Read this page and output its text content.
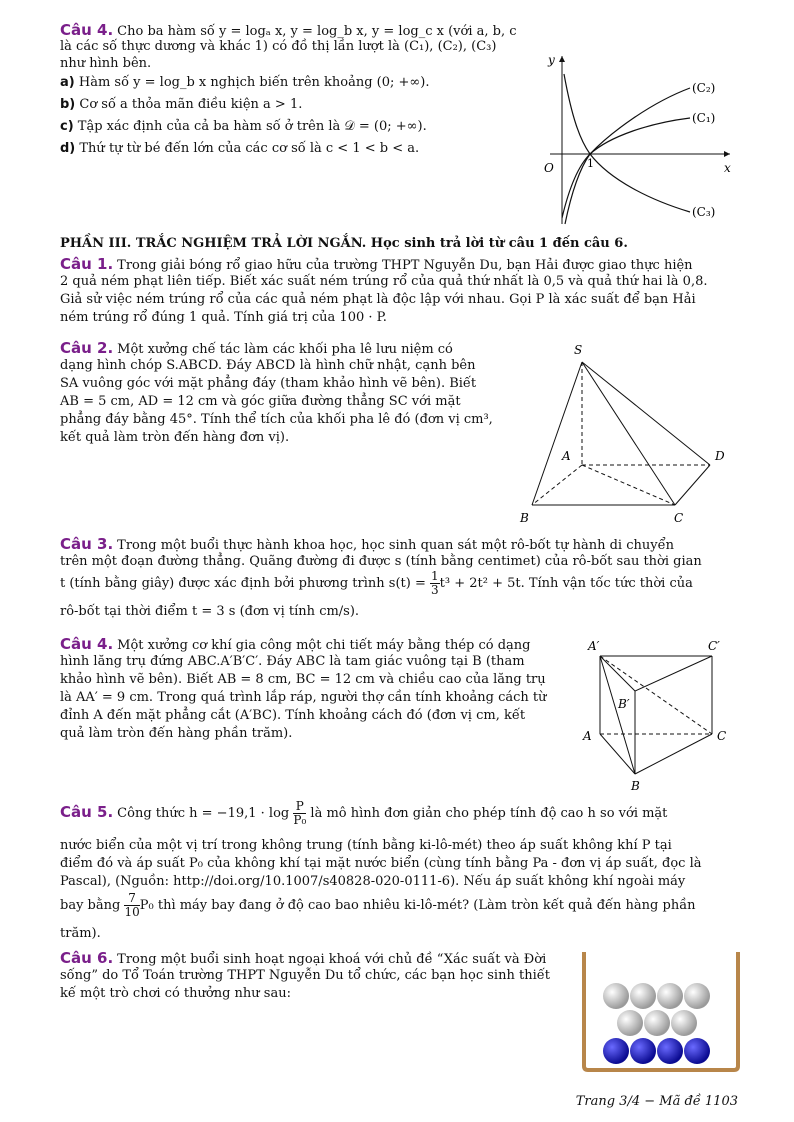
Câu 4. Cho ba hàm số y = logₐ x, y = log_b x, y = log_c x (với a, b, c

là các số thực dương và khác 1) có đồ thị lần lượt là (C₁), (C₂), (C₃)

như hình bên.

a) Hàm số y = log_b x nghịch biến trên khoảng (0; +∞).

b) Cơ số a thỏa mãn điều kiện a > 1.

c) Tập xác định của cả ba hàm số ở trên là 𝒟 = (0; +∞).

d) Thứ tự từ bé đến lớn của các cơ số là c < 1 < b < a.

y
x
O	1
(C₂)
(C₁)
(C₃)

PHẦN III. TRẮC NGHIỆM TRẢ LỜI NGẮN. Học sinh trả lời từ câu 1 đến câu 6.

Câu 1. Trong giải bóng rổ giao hữu của trường THPT Nguyễn Du, bạn Hải được giao thực hiện

2 quả ném phạt liên tiếp. Biết xác suất ném trúng rổ của quả thứ nhất là 0,5 và quả thứ hai là 0,8.

Giả sử việc ném trúng rổ của các quả ném phạt là độc lập với nhau. Gọi P là xác suất để bạn Hải

ném trúng rổ đúng 1 quả. Tính giá trị của 100 · P.

Câu 2. Một xưởng chế tác làm các khối pha lê lưu niệm có

dạng hình chóp S.ABCD. Đáy ABCD là hình chữ nhật, cạnh bên

SA vuông góc với mặt phẳng đáy (tham khảo hình vẽ bên). Biết

AB = 5 cm, AD = 12 cm và góc giữa đường thẳng SC với mặt

phẳng đáy bằng 45°. Tính thể tích của khối pha lê đó (đơn vị cm³,

kết quả làm tròn đến hàng đơn vị).

S
A
B	C
D

Câu 3. Trong một buổi thực hành khoa học, học sinh quan sát một rô-bốt tự hành di chuyển

trên một đoạn đường thẳng. Quãng đường đi được s (tính bằng centimet) của rô-bốt sau thời gian

t (tính bằng giây) được xác định bởi phương trình $s(t) = \frac{1}{3} t^3 + 2t^2 + 5t$. Tính vận tốc tức thời của

rô-bốt tại thời điểm t = 3 s (đơn vị tính cm/s).

Câu 4. Một xưởng cơ khí gia công một chi tiết máy bằng thép có dạng

hình lăng trụ đứng ABC.A′B′C′. Đáy ABC là tam giác vuông tại B (tham

khảo hình vẽ bên). Biết AB = 8 cm, BC = 12 cm và chiều cao của lăng trụ

là AA′ = 9 cm. Trong quá trình lắp ráp, người thợ cần tính khoảng cách từ

đỉnh A đến mặt phẳng cắt (A′BC). Tính khoảng cách đó (đơn vị cm, kết

quả làm tròn đến hàng phần trăm).

A′	C′
B′
A
B
C

Câu 5. Công thức $h = -19,1 \cdot \log \frac{P}{\text{P₀}}$ là mô hình đơn giản cho phép tính độ cao h so với mặt

nước biển của một vị trí trong không trung (tính bằng ki-lô-mét) theo áp suất không khí P tại

điểm đó và áp suất P₀ của không khí tại mặt nước biển (cùng tính bằng Pa - đơn vị áp suất, đọc là

Pascal), (Nguồn: http://doi.org/10.1007/s40828-020-0111-6). Nếu áp suất không khí ngoài máy

bay bằng $\frac{7}{10} P_0$ thì máy bay đang ở độ cao bao nhiêu ki-lô-mét? (Làm tròn kết quả đến hàng phần

trăm).

Câu 6. Trong một buổi sinh hoạt ngoại khoá với chủ đề “Xác suất và Đời

sống” do Tổ Toán trường THPT Nguyễn Du tổ chức, các bạn học sinh thiết

kế một trò chơi có thưởng như sau:

Trang 3/4 − Mã đề 1103
